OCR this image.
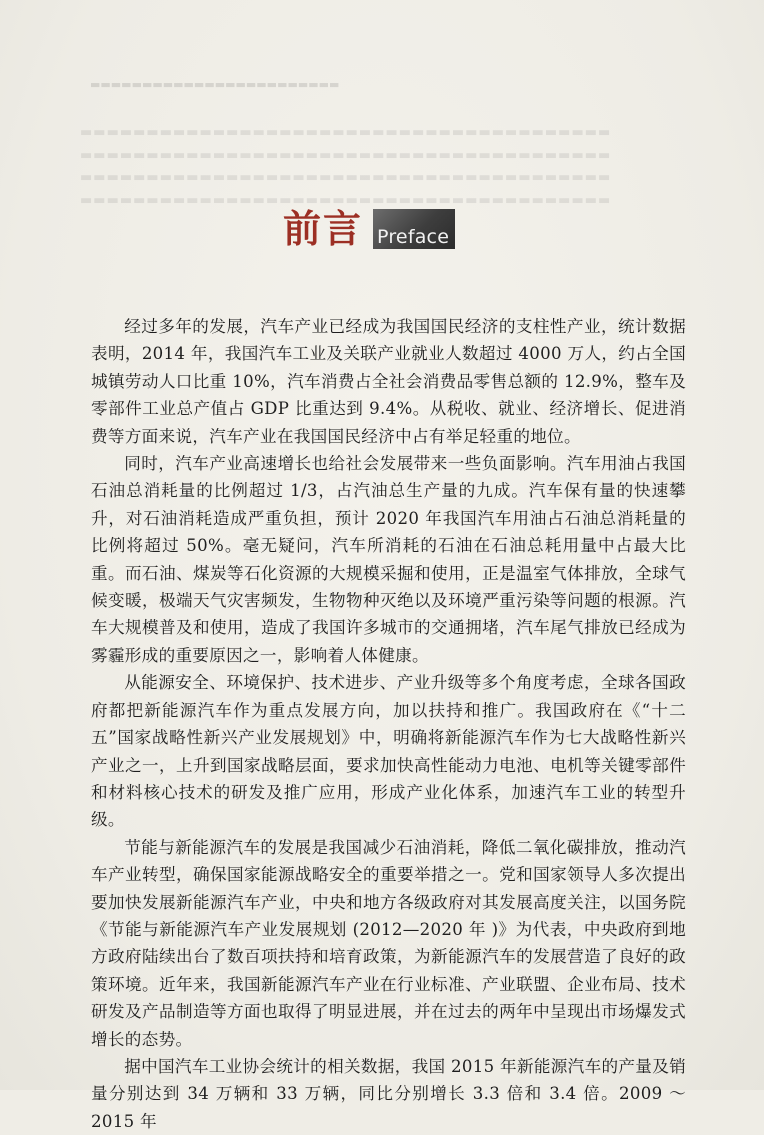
▬▬▬▬▬▬▬▬▬▬▬▬▬▬▬▬▬▬▬▬▬▬▬▬
▬▬▬▬▬▬▬▬▬▬▬▬▬▬▬▬▬▬▬▬▬▬▬▬▬▬▬▬▬▬▬▬▬▬▬▬▬▬▬▬
▬▬▬▬▬▬▬▬▬▬▬▬▬▬▬▬▬▬▬▬▬▬▬▬▬▬▬▬▬▬▬▬▬▬▬▬▬▬▬▬
▬▬▬▬▬▬▬▬▬▬▬▬▬▬▬▬▬▬▬▬▬▬▬▬▬▬▬▬▬▬▬▬▬▬▬▬▬▬▬▬
▬▬▬▬▬▬▬▬▬▬▬▬▬▬▬▬▬▬▬▬▬▬▬▬▬▬▬▬▬▬▬▬▬▬▬▬▬▬▬▬
前言 Preface

经过多年的发展，汽车产业已经成为我国国民经济的支柱性产业，统计数据表明，2014 年，我国汽车工业及关联产业就业人数超过 4000 万人，约占全国城镇劳动人口比重 10%，汽车消费占全社会消费品零售总额的 12.9%，整车及零部件工业总产值占 GDP 比重达到 9.4%。从税收、就业、经济增长、促进消费等方面来说，汽车产业在我国国民经济中占有举足轻重的地位。

同时，汽车产业高速增长也给社会发展带来一些负面影响。汽车用油占我国石油总消耗量的比例超过 1/3，占汽油总生产量的九成。汽车保有量的快速攀升，对石油消耗造成严重负担，预计 2020 年我国汽车用油占石油总消耗量的比例将超过 50%。毫无疑问，汽车所消耗的石油在石油总耗用量中占最大比重。而石油、煤炭等石化资源的大规模采掘和使用，正是温室气体排放，全球气候变暖，极端天气灾害频发，生物物种灭绝以及环境严重污染等问题的根源。汽车大规模普及和使用，造成了我国许多城市的交通拥堵，汽车尾气排放已经成为雾霾形成的重要原因之一，影响着人体健康。

从能源安全、环境保护、技术进步、产业升级等多个角度考虑，全球各国政府都把新能源汽车作为重点发展方向，加以扶持和推广。我国政府在《“十二五”国家战略性新兴产业发展规划》中，明确将新能源汽车作为七大战略性新兴产业之一，上升到国家战略层面，要求加快高性能动力电池、电机等关键零部件和材料核心技术的研发及推广应用，形成产业化体系，加速汽车工业的转型升级。

节能与新能源汽车的发展是我国减少石油消耗，降低二氧化碳排放，推动汽车产业转型，确保国家能源战略安全的重要举措之一。党和国家领导人多次提出要加快发展新能源汽车产业，中央和地方各级政府对其发展高度关注，以国务院《节能与新能源汽车产业发展规划 (2012—2020 年 )》为代表，中央政府到地方政府陆续出台了数百项扶持和培育政策，为新能源汽车的发展营造了良好的政策环境。近年来，我国新能源汽车产业在行业标准、产业联盟、企业布局、技术研发及产品制造等方面也取得了明显进展，并在过去的两年中呈现出市场爆发式增长的态势。

据中国汽车工业协会统计的相关数据，我国 2015 年新能源汽车的产量及销量分别达到 34 万辆和 33 万辆，同比分别增长 3.3 倍和 3.4 倍。2009 ～ 2015 年
